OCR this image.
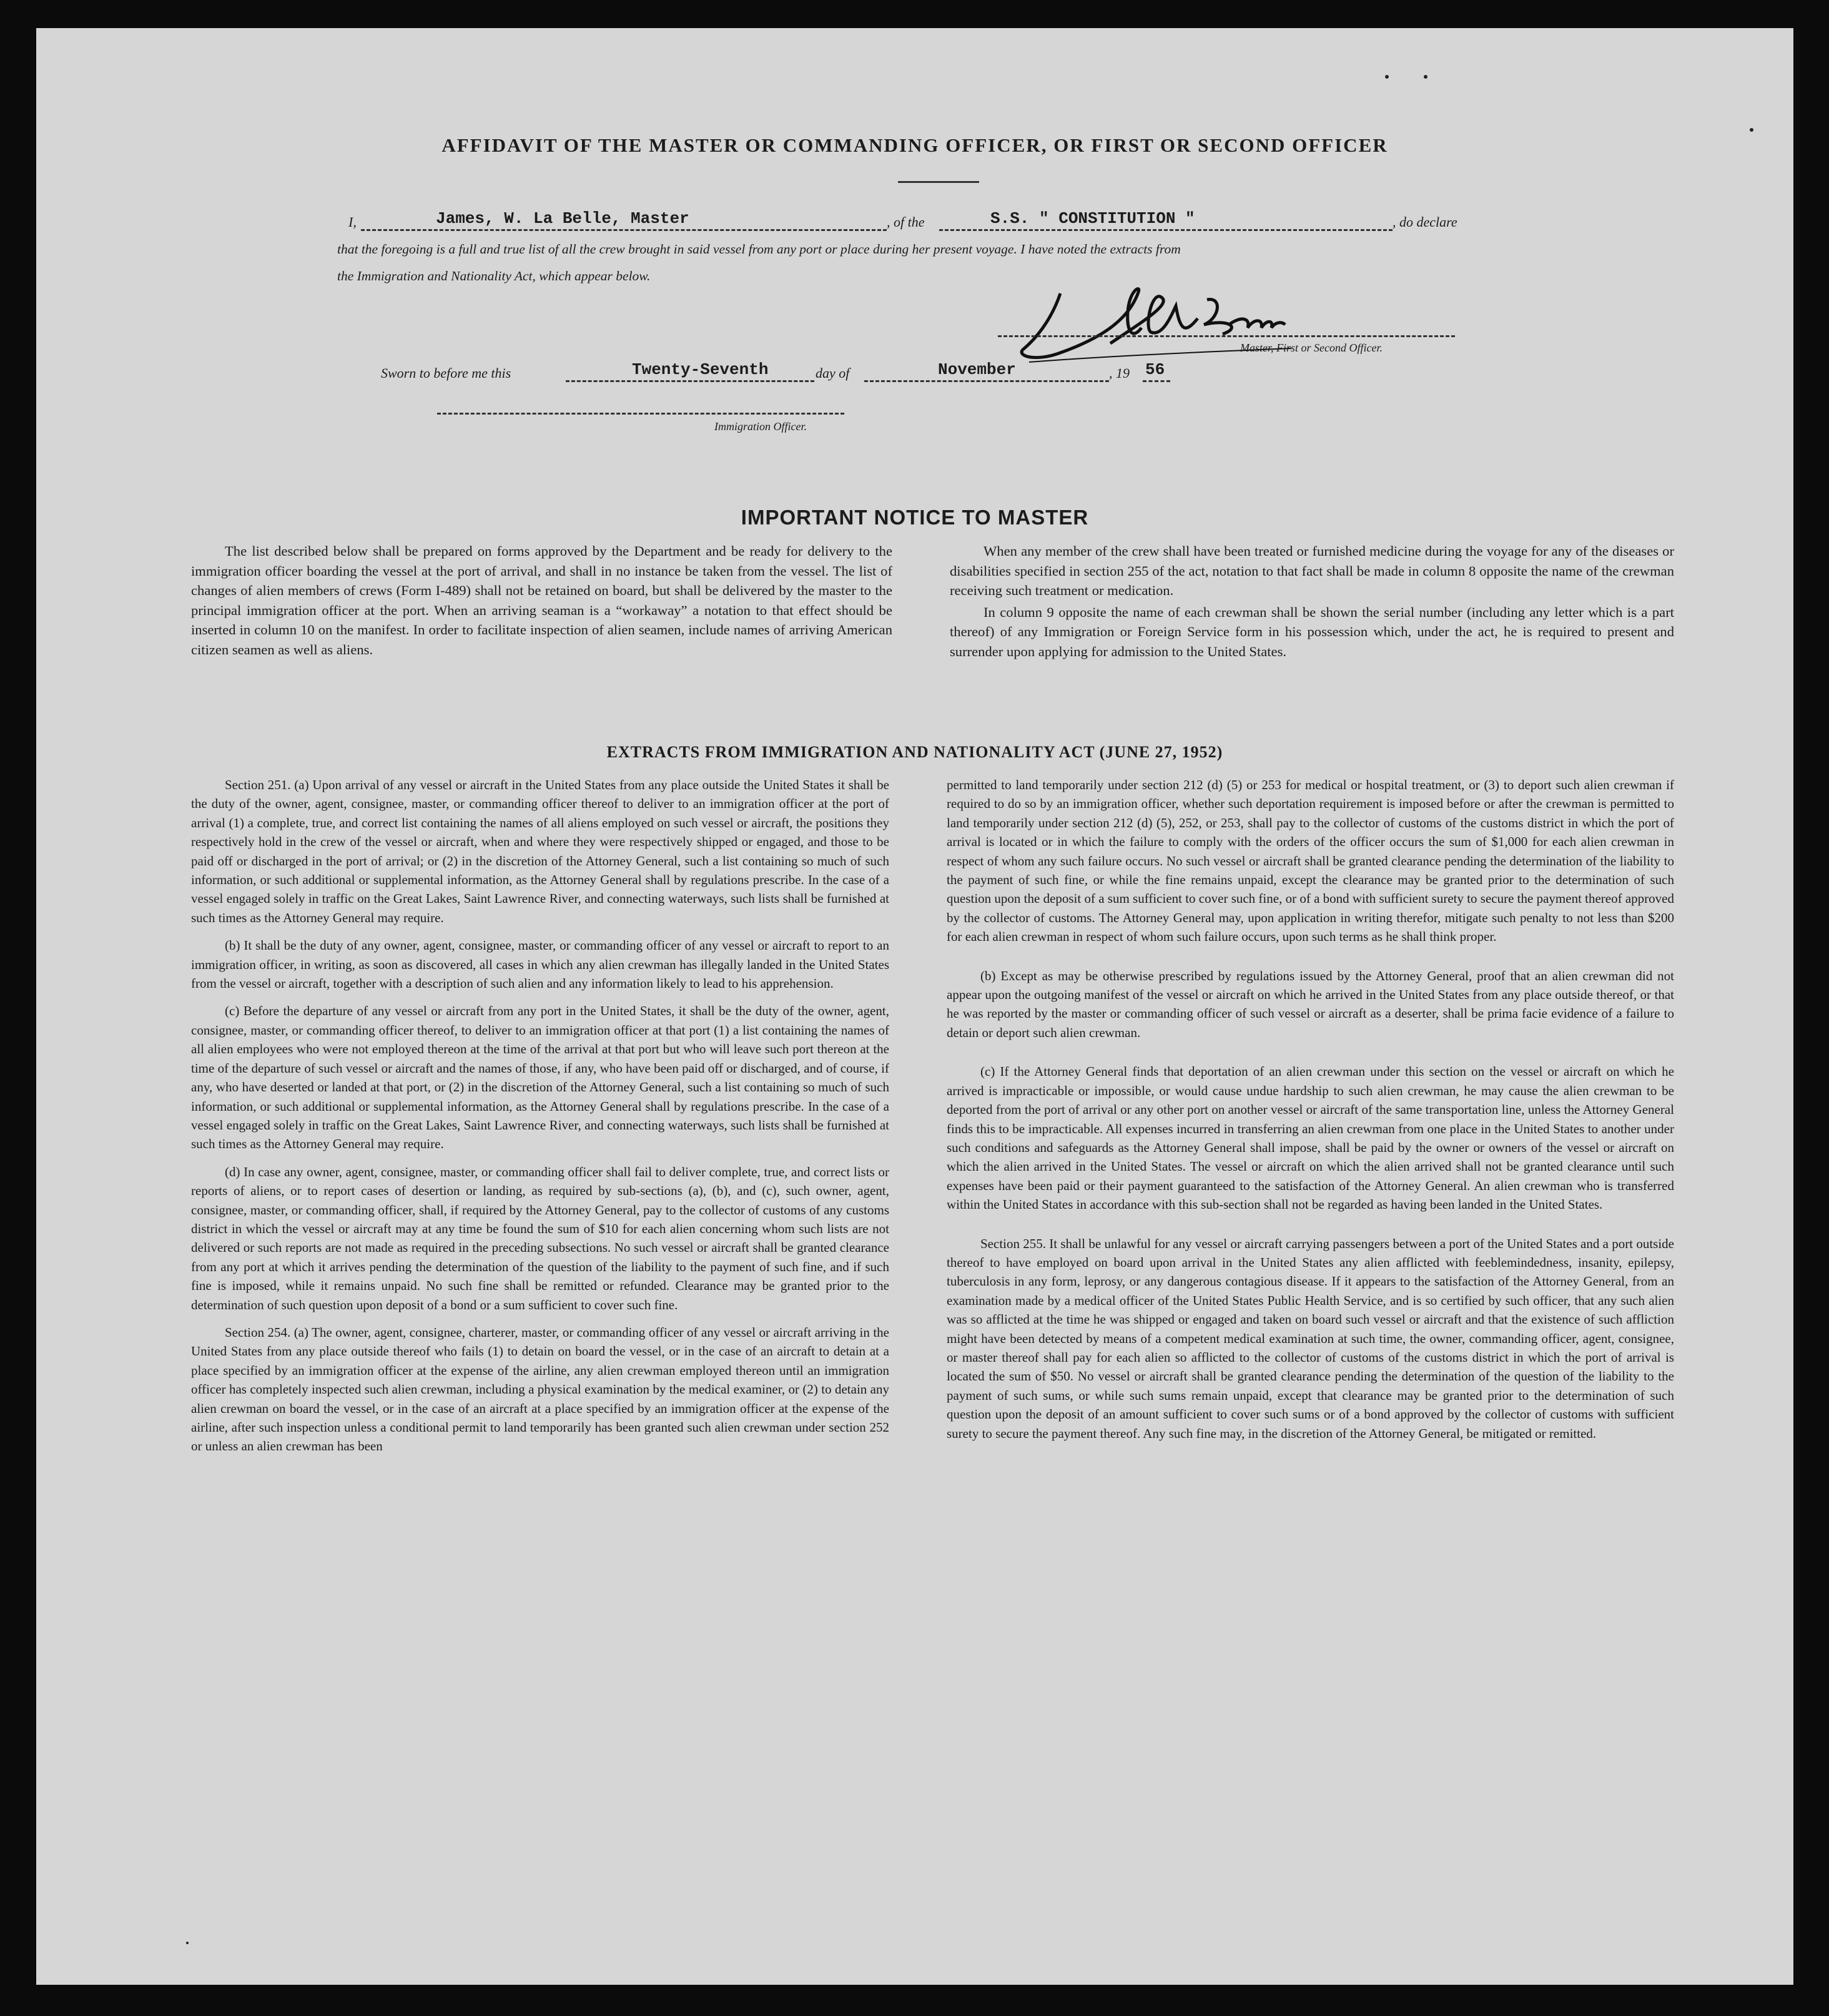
AFFIDAVIT OF THE MASTER OR COMMANDING OFFICER, OR FIRST OR SECOND OFFICER
I,	James, W. La Belle, Master	, of the	S.S. " CONSTITUTION "	, do declare
that the foregoing is a full and true list of all the crew brought in said vessel from any port or place during her present voyage. I have noted the extracts from
the Immigration and Nationality Act, which appear below.
Master, First or Second Officer.
Sworn to before me this	Twenty-Seventh	day of	November	, 19 56
Immigration Officer.
IMPORTANT NOTICE TO MASTER

The list described below shall be prepared on forms approved by the Department and be ready for delivery to the immigration officer boarding the vessel at the port of arrival, and shall in no instance be taken from the vessel. The list of changes of alien members of crews (Form I-489) shall not be retained on board, but shall be delivered by the master to the principal immigration officer at the port. When an arriving seaman is a “workaway” a notation to that effect should be inserted in column 10 on the manifest. In order to facilitate inspection of alien seamen, include names of arriving American citizen seamen as well as aliens.

When any member of the crew shall have been treated or furnished medicine during the voyage for any of the diseases or disabilities specified in section 255 of the act, notation to that fact shall be made in column 8 opposite the name of the crewman receiving such treatment or medication.

In column 9 opposite the name of each crewman shall be shown the serial number (including any letter which is a part thereof) of any Immigration or Foreign Service form in his possession which, under the act, he is required to present and surrender upon applying for admission to the United States.

EXTRACTS FROM IMMIGRATION AND NATIONALITY ACT (JUNE 27, 1952)

Section 251. (a) Upon arrival of any vessel or aircraft in the United States from any place outside the United States it shall be the duty of the owner, agent, consignee, master, or commanding officer thereof to deliver to an immigration officer at the port of arrival (1) a complete, true, and correct list containing the names of all aliens employed on such vessel or aircraft, the positions they respectively hold in the crew of the vessel or aircraft, when and where they were respectively shipped or engaged, and those to be paid off or discharged in the port of arrival; or (2) in the discretion of the Attorney General, such a list containing so much of such information, or such additional or supplemental information, as the Attorney General shall by regulations prescribe. In the case of a vessel engaged solely in traffic on the Great Lakes, Saint Lawrence River, and connecting waterways, such lists shall be furnished at such times as the Attorney General may require.

(b) It shall be the duty of any owner, agent, consignee, master, or commanding officer of any vessel or aircraft to report to an immigration officer, in writing, as soon as discovered, all cases in which any alien crewman has illegally landed in the United States from the vessel or aircraft, together with a description of such alien and any information likely to lead to his apprehension.

(c) Before the departure of any vessel or aircraft from any port in the United States, it shall be the duty of the owner, agent, consignee, master, or commanding officer thereof, to deliver to an immigration officer at that port (1) a list containing the names of all alien employees who were not employed thereon at the time of the arrival at that port but who will leave such port thereon at the time of the departure of such vessel or aircraft and the names of those, if any, who have been paid off or discharged, and of course, if any, who have deserted or landed at that port, or (2) in the discretion of the Attorney General, such a list containing so much of such information, or such additional or supplemental information, as the Attorney General shall by regulations prescribe. In the case of a vessel engaged solely in traffic on the Great Lakes, Saint Lawrence River, and connecting waterways, such lists shall be furnished at such times as the Attorney General may require.

(d) In case any owner, agent, consignee, master, or commanding officer shall fail to deliver complete, true, and correct lists or reports of aliens, or to report cases of desertion or landing, as required by sub-sections (a), (b), and (c), such owner, agent, consignee, master, or commanding officer, shall, if required by the Attorney General, pay to the collector of customs of any customs district in which the vessel or aircraft may at any time be found the sum of $10 for each alien concerning whom such lists are not delivered or such reports are not made as required in the preceding subsections. No such vessel or aircraft shall be granted clearance from any port at which it arrives pending the determination of the question of the liability to the payment of such fine, and if such fine is imposed, while it remains unpaid. No such fine shall be remitted or refunded. Clearance may be granted prior to the determination of such question upon deposit of a bond or a sum sufficient to cover such fine.

Section 254. (a) The owner, agent, consignee, charterer, master, or commanding officer of any vessel or aircraft arriving in the United States from any place outside thereof who fails (1) to detain on board the vessel, or in the case of an aircraft to detain at a place specified by an immigration officer at the expense of the airline, any alien crewman employed thereon until an immigration officer has completely inspected such alien crewman, including a physical examination by the medical examiner, or (2) to detain any alien crewman on board the vessel, or in the case of an aircraft at a place specified by an immigration officer at the expense of the airline, after such inspection unless a conditional permit to land temporarily has been granted such alien crewman under section 252 or unless an alien crewman has been

permitted to land temporarily under section 212 (d) (5) or 253 for medical or hospital treatment, or (3) to deport such alien crewman if required to do so by an immigration officer, whether such deportation requirement is imposed before or after the crewman is permitted to land temporarily under section 212 (d) (5), 252, or 253, shall pay to the collector of customs of the customs district in which the port of arrival is located or in which the failure to comply with the orders of the officer occurs the sum of $1,000 for each alien crewman in respect of whom any such failure occurs. No such vessel or aircraft shall be granted clearance pending the determination of the liability to the payment of such fine, or while the fine remains unpaid, except the clearance may be granted prior to the determination of such question upon the deposit of a sum sufficient to cover such fine, or of a bond with sufficient surety to secure the payment thereof approved by the collector of customs. The Attorney General may, upon application in writing therefor, mitigate such penalty to not less than $200 for each alien crewman in respect of whom such failure occurs, upon such terms as he shall think proper.

(b) Except as may be otherwise prescribed by regulations issued by the Attorney General, proof that an alien crewman did not appear upon the outgoing manifest of the vessel or aircraft on which he arrived in the United States from any place outside thereof, or that he was reported by the master or commanding officer of such vessel or aircraft as a deserter, shall be prima facie evidence of a failure to detain or deport such alien crewman.

(c) If the Attorney General finds that deportation of an alien crewman under this section on the vessel or aircraft on which he arrived is impracticable or impossible, or would cause undue hardship to such alien crewman, he may cause the alien crewman to be deported from the port of arrival or any other port on another vessel or aircraft of the same transportation line, unless the Attorney General finds this to be impracticable. All expenses incurred in transferring an alien crewman from one place in the United States to another under such conditions and safeguards as the Attorney General shall impose, shall be paid by the owner or owners of the vessel or aircraft on which the alien arrived in the United States. The vessel or aircraft on which the alien arrived shall not be granted clearance until such expenses have been paid or their payment guaranteed to the satisfaction of the Attorney General. An alien crewman who is transferred within the United States in accordance with this sub-section shall not be regarded as having been landed in the United States.

Section 255. It shall be unlawful for any vessel or aircraft carrying passengers between a port of the United States and a port outside thereof to have employed on board upon arrival in the United States any alien afflicted with feeblemindedness, insanity, epilepsy, tuberculosis in any form, leprosy, or any dangerous contagious disease. If it appears to the satisfaction of the Attorney General, from an examination made by a medical officer of the United States Public Health Service, and is so certified by such officer, that any such alien was so afflicted at the time he was shipped or engaged and taken on board such vessel or aircraft and that the existence of such affliction might have been detected by means of a competent medical examination at such time, the owner, commanding officer, agent, consignee, or master thereof shall pay for each alien so afflicted to the collector of customs of the customs district in which the port of arrival is located the sum of $50. No vessel or aircraft shall be granted clearance pending the determination of the question of the liability to the payment of such sums, or while such sums remain unpaid, except that clearance may be granted prior to the determination of such question upon the deposit of an amount sufficient to cover such sums or of a bond approved by the collector of customs with sufficient surety to secure the payment thereof. Any such fine may, in the discretion of the Attorney General, be mitigated or remitted.
